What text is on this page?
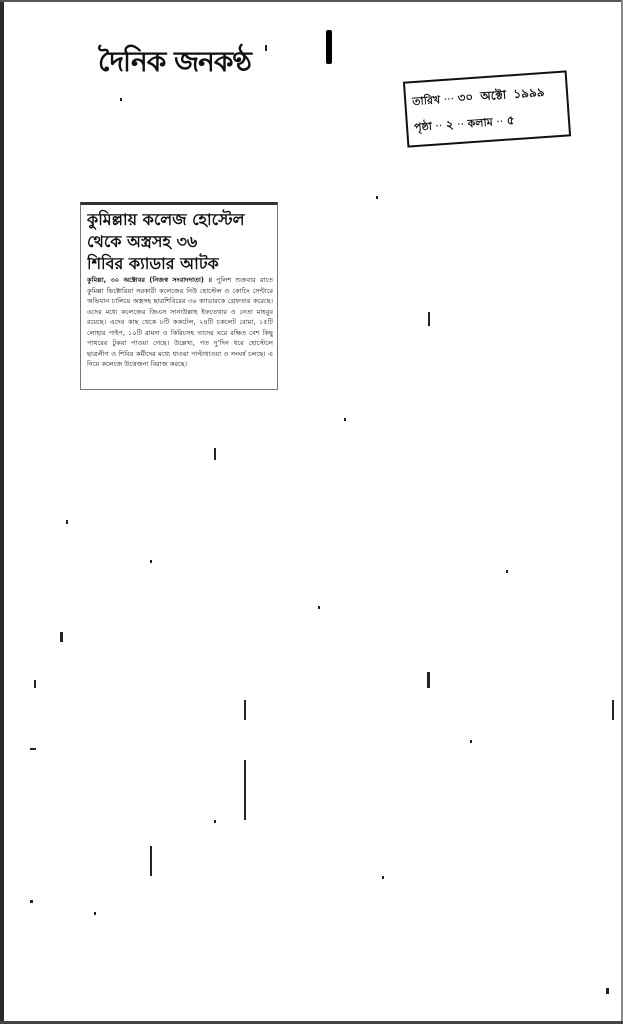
দৈনিক জনকণ্ঠ
তারিখ ··· ৩০ অক্টো ১৯৯৯
পৃষ্ঠা ·· ২ ·· কলাম ·· ৫
কুমিল্লায় কলেজ হোস্টেল
থেকে অস্ত্রসহ ৩৬
শিবির ক্যাডার আটক
কুমিল্লা, ৩০ অক্টোবর (নিজস্ব সংবাদদাতা) ॥ পুলিশ শুক্রবার রাতে কুমিল্লা ভিক্টোরিয়া সরকারী কলেজের নিউ হোস্টেল ও কোচিং সেন্টারে অভিযান চালিয়ে অস্ত্রসহ ছাত্রশিবিরের ৩৬ ক্যাডারকে গ্রেফতার করেছে। এদের মধ্যে কলেজের জিএস সানাউল্লাহ ইফতেখার ও নেতা মাহবুব রয়েছে। এদের কাছ থেকে ৮টি ককটেল, ২৪টি চকলেট বোমা, ১৫টি লোহার পাইপ, ১০টি রামদা ও কিরিচসহ তাদের ঘরে রক্ষিত বেশ কিছু পাথরের টুকরা পাওয়া গেছে। উল্লেখ্য, গত দু’দিন ধরে হোস্টেলে ছাত্রলীগ ও শিবির কর্মীদের মধ্যে ধাওয়া পাল্টাধাওয়া ও সংঘর্ষ চলছে। এ নিয়ে কলেজে উত্তেজনা বিরাজ করছে।
